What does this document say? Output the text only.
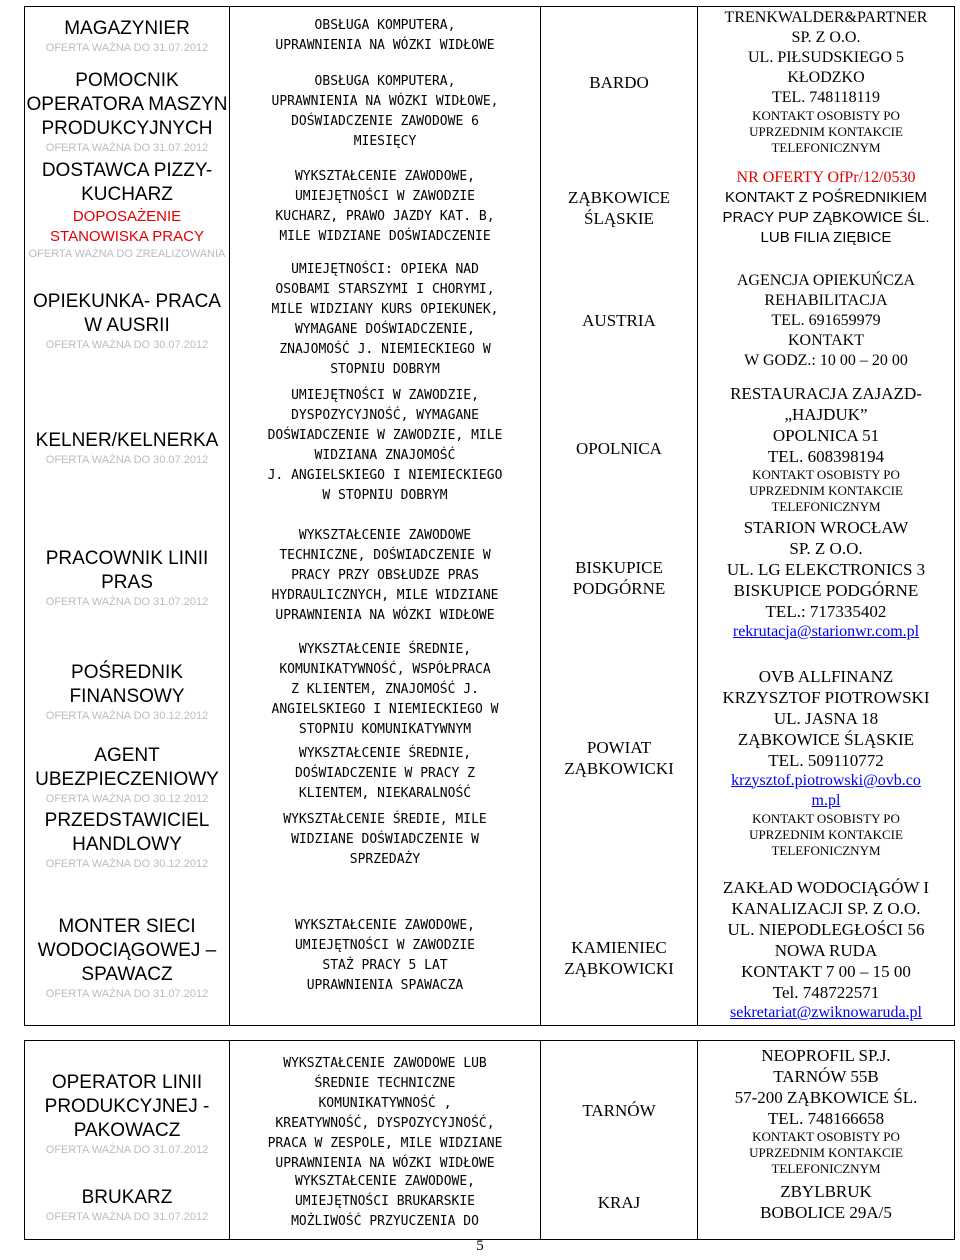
MAGAZYNIER
OFERTA WAŻNA DO 31.07.2012
POMOCNIK
OPERATORA MASZYN
PRODUKCYJNYCH
OFERTA WAŻNA DO 31.07.2012
DOSTAWCA PIZZY-
KUCHARZ
DOPOSAŻENIE
STANOWISKA PRACY
OFERTA WAŻNA DO ZREALIZOWANIA
OPIEKUNKA- PRACA
W AUSRII
OFERTA WAŻNA DO 30.07.2012
KELNER/KELNERKA
OFERTA WAŻNA DO 30.07.2012
PRACOWNIK LINII
PRAS
OFERTA WAŻNA DO 31.07.2012
POŚREDNIK
FINANSOWY
OFERTA WAŻNA DO 30.12.2012
AGENT
UBEZPIECZENIOWY
OFERTA WAŻNA DO 30.12.2012
PRZEDSTAWICIEL
HANDLOWY
OFERTA WAŻNA DO 30.12.2012
MONTER SIECI
WODOCIĄGOWEJ –
SPAWACZ
OFERTA WAŻNA DO 31.07.2012
OPERATOR LINII
PRODUKCYJNEJ -
PAKOWACZ
OFERTA WAŻNA DO 31.07.2012
BRUKARZ
OFERTA WAŻNA DO 31.07.2012
OBSŁUGA KOMPUTERA,
UPRAWNIENIA NA WÓZKI WIDŁOWE
OBSŁUGA KOMPUTERA,
UPRAWNIENIA NA WÓZKI WIDŁOWE,
DOŚWIADCZENIE ZAWODOWE 6
MIESIĘCY
WYKSZTAŁCENIE ZAWODOWE,
UMIEJĘTNOŚCI W ZAWODZIE
KUCHARZ, PRAWO JAZDY KAT. B,
MILE WIDZIANE DOŚWIADCZENIE
UMIEJĘTNOŚCI: OPIEKA NAD
OSOBAMI STARSZYMI I CHORYMI,
MILE WIDZIANY KURS OPIEKUNEK,
WYMAGANE DOŚWIADCZENIE,
ZNAJOMOŚĆ J. NIEMIECKIEGO W
STOPNIU DOBRYM
UMIEJĘTNOŚCI W ZAWODZIE,
DYSPOZYCYJNOŚĆ, WYMAGANE
DOŚWIADCZENIE W ZAWODZIE, MILE
WIDZIANA ZNAJOMOŚĆ
J. ANGIELSKIEGO I NIEMIECKIEGO
W STOPNIU DOBRYM
WYKSZTAŁCENIE ZAWODOWE
TECHNICZNE, DOŚWIADCZENIE W
PRACY PRZY OBSŁUDZE PRAS
HYDRAULICZNYCH, MILE WIDZIANE
UPRAWNIENIA NA WÓZKI WIDŁOWE
WYKSZTAŁCENIE ŚREDNIE,
KOMUNIKATYWNOŚĆ, WSPÓŁPRACA
Z KLIENTEM, ZNAJOMOŚĆ J.
ANGIELSKIEGO I NIEMIECKIEGO W
STOPNIU KOMUNIKATYWNYM
WYKSZTAŁCENIE ŚREDNIE,
DOŚWIADCZENIE W PRACY Z
KLIENTEM, NIEKARALNOŚĆ
WYKSZTAŁCENIE ŚREDIE, MILE
WIDZIANE DOŚWIADCZENIE W
SPRZEDAŻY
WYKSZTAŁCENIE ZAWODOWE,
UMIEJĘTNOŚCI W ZAWODZIE
STAŻ PRACY 5 LAT
UPRAWNIENIA SPAWACZA
WYKSZTAŁCENIE ZAWODOWE LUB
ŚREDNIE TECHNICZNE
KOMUNIKATYWNOŚĆ ,
KREATYWNOŚĆ, DYSPOZYCYJNOŚĆ,
PRACA W ZESPOLE, MILE WIDZIANE
UPRAWNIENIA NA WÓZKI WIDŁOWE
WYKSZTAŁCENIE ZAWODOWE,
UMIEJĘTNOŚCI BRUKARSKIE
MOŻLIWOŚĆ PRZYUCZENIA DO
BARDO
ZĄBKOWICE
ŚLĄSKIE
AUSTRIA
OPOLNICA
BISKUPICE
PODGÓRNE
POWIAT
ZĄBKOWICKI
KAMIENIEC
ZĄBKOWICKI
TARNÓW
KRAJ
TRENKWALDER&PARTNER
SP. Z O.O.
UL. PIŁSUDSKIEGO 5
KŁODZKO
TEL. 748118119
KONTAKT OSOBISTY PO
UPRZEDNIM KONTAKCIE
TELEFONICZNYM
NR OFERTY OfPr/12/0530
KONTAKT Z POŚREDNIKIEM
PRACY PUP ZĄBKOWICE ŚL.
LUB FILIA ZIĘBICE
AGENCJA OPIEKUŃCZA
REHABILITACJA
TEL. 691659979
KONTAKT
W GODZ.: 10 00 – 20 00
RESTAURACJA ZAJAZD-
„HAJDUK”
OPOLNICA 51
TEL. 608398194
KONTAKT OSOBISTY PO
UPRZEDNIM KONTAKCIE
TELEFONICZNYM
STARION WROCŁAW
SP. Z O.O.
UL. LG ELEKCTRONICS 3
BISKUPICE PODGÓRNE
TEL.: 717335402
rekrutacja@starionwr.com.pl
OVB ALLFINANZ
KRZYSZTOF PIOTROWSKI
UL. JASNA 18
ZĄBKOWICE ŚLĄSKIE
TEL. 509110772
krzysztof.piotrowski@ovb.co
m.pl
KONTAKT OSOBISTY PO
UPRZEDNIM KONTAKCIE
TELEFONICZNYM
ZAKŁAD WODOCIĄGÓW I
KANALIZACJI SP. Z O.O.
UL. NIEPODLEGŁOŚCI 56
NOWA RUDA
KONTAKT 7 00 – 15 00
Tel. 748722571
sekretariat@zwiknowaruda.pl
NEOPROFIL SP.J.
TARNÓW 55B
57-200 ZĄBKOWICE ŚL.
TEL. 748166658
KONTAKT OSOBISTY PO
UPRZEDNIM KONTAKCIE
TELEFONICZNYM
ZBYLBRUK
BOBOLICE 29A/5
5
